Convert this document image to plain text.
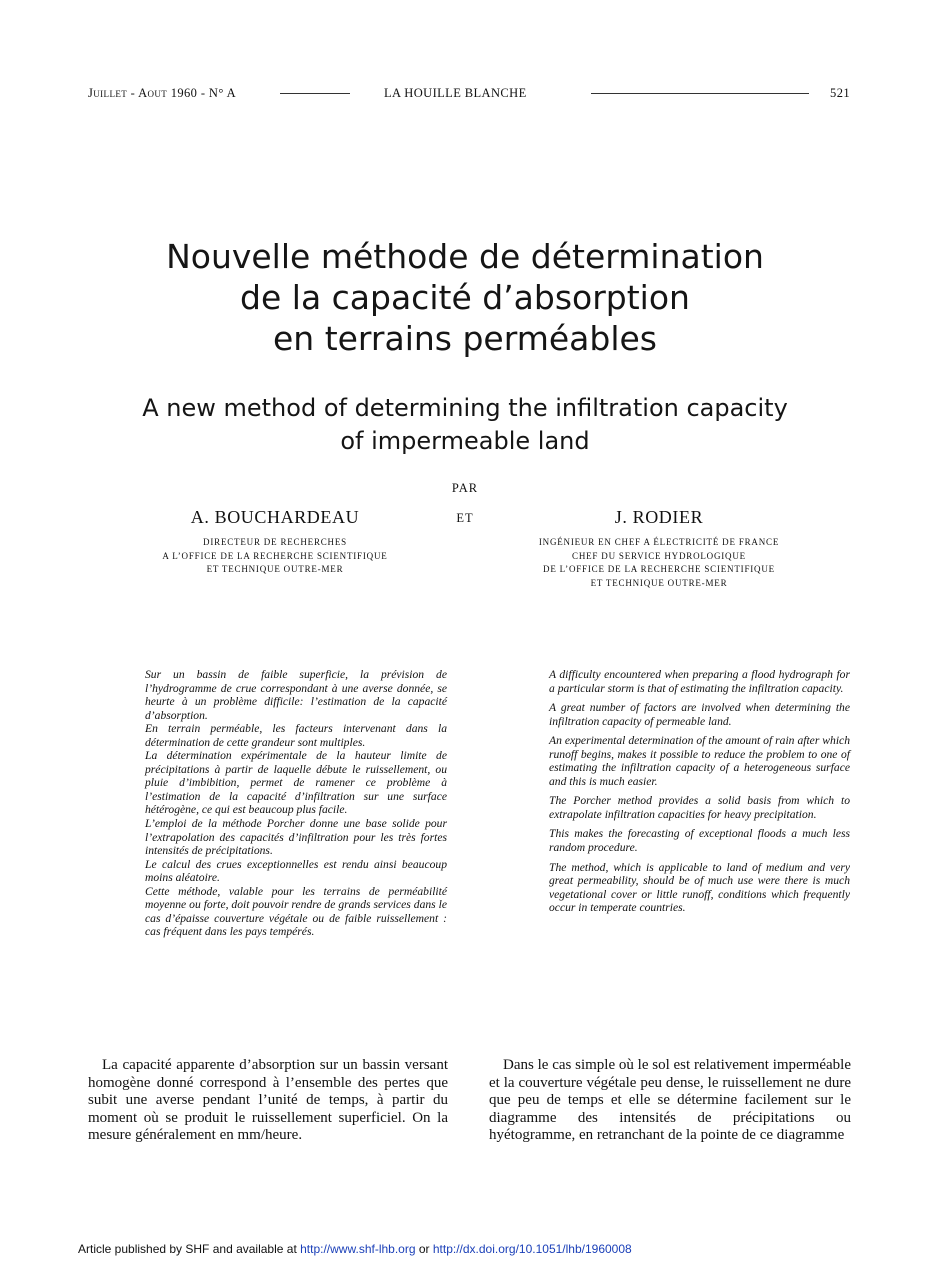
Juillet - Aout 1960 - N° A	LA HOUILLE BLANCHE	521
Nouvelle méthode de détermination
de la capacité d’absorption
en terrains perméables
A new method of determining the infiltration capacity
of impermeable land
PAR
ET
A. BOUCHARDEAU
DIRECTEUR DE RECHERCHES
A L’OFFICE DE LA RECHERCHE SCIENTIFIQUE
ET TECHNIQUE OUTRE-MER
J. RODIER
INGÉNIEUR EN CHEF A ÉLECTRICITÉ DE FRANCE
CHEF DU SERVICE HYDROLOGIQUE
DE L’OFFICE DE LA RECHERCHE SCIENTIFIQUE
ET TECHNIQUE OUTRE-MER

Sur un bassin de faible superficie, la prévision de l’hydrogramme de crue correspondant à une averse donnée, se heurte à un problème difficile: l’estimation de la capacité d’absorption.

En terrain perméable, les facteurs intervenant dans la détermination de cette grandeur sont multiples.

La détermination expérimentale de la hauteur limite de précipitations à partir de laquelle débute le ruissellement, ou pluie d’imbibition, permet de ramener ce problème à l’estimation de la capacité d’infiltration sur une surface hétérogène, ce qui est beaucoup plus facile.

L’emploi de la méthode Porcher donne une base solide pour l’extrapolation des capacités d’infiltration pour les très fortes intensités de précipitations.

Le calcul des crues exceptionnelles est rendu ainsi beaucoup moins aléatoire.

Cette méthode, valable pour les terrains de perméabilité moyenne ou forte, doit pouvoir rendre de grands services dans le cas d’épaisse couverture végétale ou de faible ruissellement : cas fréquent dans les pays tempérés.

A difficulty encountered when preparing a flood hydrograph for a particular storm is that of estimating the infiltration capacity.

A great number of factors are involved when determining the infiltration capacity of permeable land.

An experimental determination of the amount of rain after which runoff begins, makes it possible to reduce the problem to one of estimating the infiltration capacity of a heterogeneous surface and this is much easier.

The Porcher method provides a solid basis from which to extrapolate infiltration capacities for heavy precipitation.

This makes the forecasting of exceptional floods a much less random procedure.

The method, which is applicable to land of medium and very great permeability, should be of much use were there is much vegetational cover or little runoff, conditions which frequently occur in temperate countries.

La capacité apparente d’absorption sur un bassin versant homogène donné correspond à l’ensemble des pertes que subit une averse pendant l’unité de temps, à partir du moment où se produit le ruissellement superficiel. On la mesure généralement en mm/heure.

Dans le cas simple où le sol est relativement imperméable et la couverture végétale peu dense, le ruissellement ne dure que peu de temps et elle se détermine facilement sur le diagramme des intensités de précipitations ou hyétogramme, en retranchant de la pointe de ce diagramme

Article published by SHF and available at http://www.shf-lhb.org or http://dx.doi.org/10.1051/lhb/1960008
